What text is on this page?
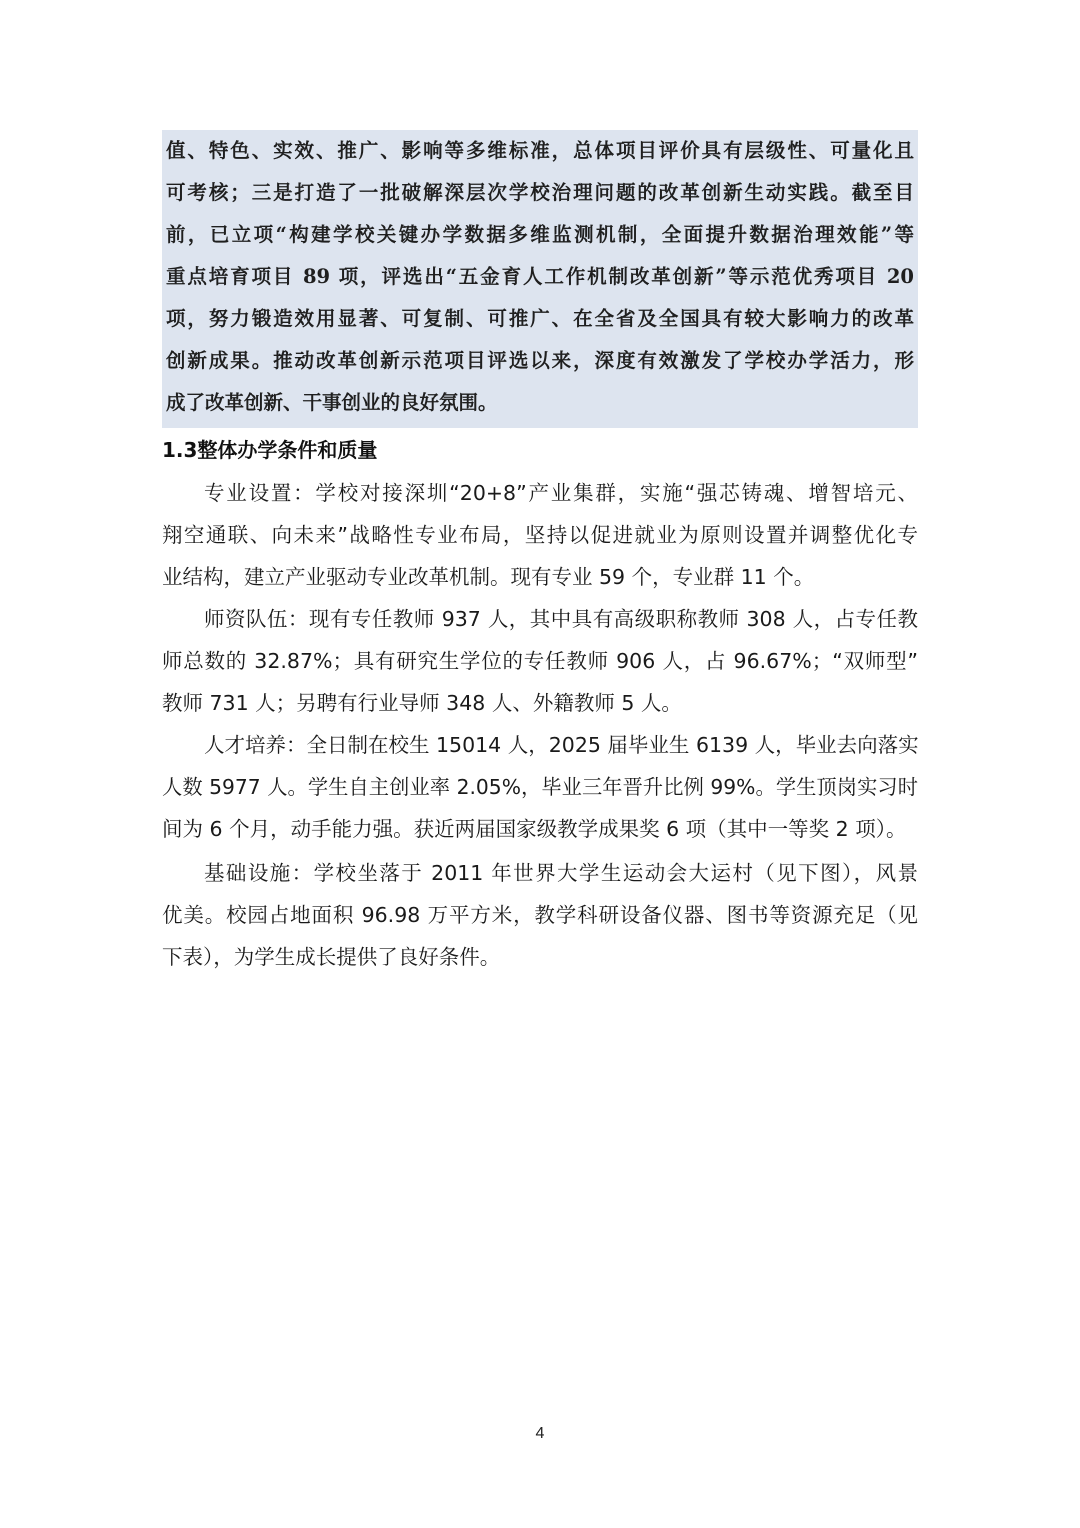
值、特色、实效、推广、影响等多维标准，总体项目评价具有层级性、可量化且
可考核；三是打造了一批破解深层次学校治理问题的改革创新生动实践。截至目
前，已立项“构建学校关键办学数据多维监测机制，全面提升数据治理效能”等
重点培育项目 89 项，评选出“五金育人工作机制改革创新”等示范优秀项目 20
项，努力锻造效用显著、可复制、可推广、在全省及全国具有较大影响力的改革
创新成果。推动改革创新示范项目评选以来，深度有效激发了学校办学活力，形
成了改革创新、干事创业的良好氛围。
1.3整体办学条件和质量
专业设置：学校对接深圳“20+8”产业集群，实施“强芯铸魂、增智培元、
翔空通联、向未来”战略性专业布局，坚持以促进就业为原则设置并调整优化专
业结构，建立产业驱动专业改革机制。现有专业 59 个，专业群 11 个。
师资队伍：现有专任教师 937 人，其中具有高级职称教师 308 人，占专任教
师总数的 32.87%；具有研究生学位的专任教师 906 人，占 96.67%；“双师型”
教师 731 人；另聘有行业导师 348 人、外籍教师 5 人。
人才培养：全日制在校生 15014 人，2025 届毕业生 6139 人，毕业去向落实
人数 5977 人。学生自主创业率 2.05%，毕业三年晋升比例 99%。学生顶岗实习时
间为 6 个月，动手能力强。获近两届国家级教学成果奖 6 项（其中一等奖 2 项）。
基础设施：学校坐落于 2011 年世界大学生运动会大运村（见下图），风景
优美。校园占地面积 96.98 万平方米，教学科研设备仪器、图书等资源充足（见
下表），为学生成长提供了良好条件。
4
